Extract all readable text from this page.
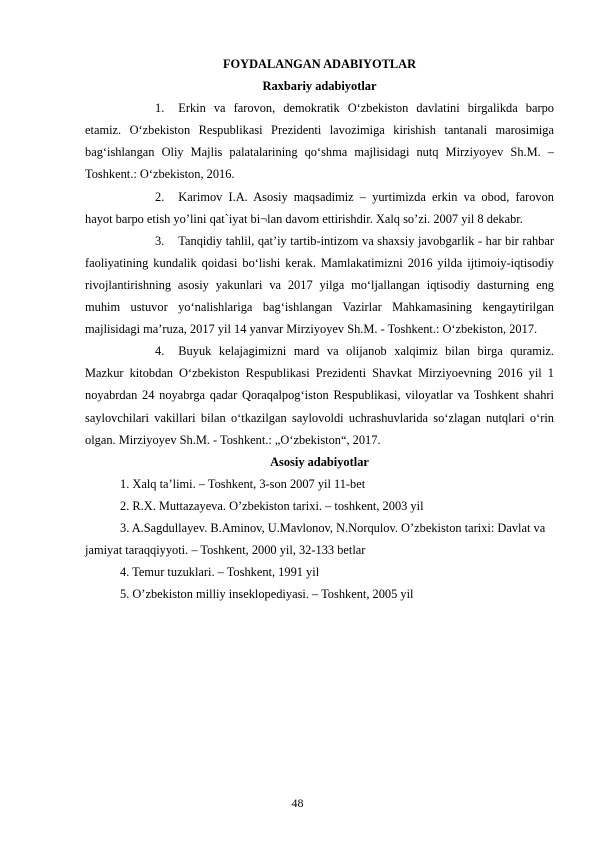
FOYDALANGAN ADABIYOTLAR

Raxbariy adabiyotlar

1. Erkin va farovon, demokratik O‘zbekiston davlatini birgalikda barpo etamiz. O‘zbekiston Respublikasi Prezidenti lavozimiga kirishish tantanali marosimiga bag‘ishlangan Oliy Majlis palatalarining qo‘shma majlisidagi nutq Mirziyoyev Sh.M. – Toshkent.: O‘zbekiston, 2016.

2. Karimov I.A. Asosiy maqsadimiz – yurtimizda erkin va obod, farovon hayot barpo etish yo’lini qat`iyat bi¬lan davom ettirishdir. Xalq so’zi. 2007 yil 8 dekabr.

3. Tanqidiy tahlil, qat’iy tartib-intizom va shaxsiy javobgarlik - har bir rahbar faoliyatining kundalik qoidasi bo‘lishi kerak. Mamlakatimizni 2016 yilda ijtimoiy-iqtisodiy rivojlantirishning asosiy yakunlari va 2017 yilga mo‘ljallangan iqtisodiy dasturning eng muhim ustuvor yo‘nalishlariga bag‘ishlangan Vazirlar Mahkamasining kengaytirilgan majlisidagi ma’ruza, 2017 yil 14 yanvar Mirziyoyev Sh.M. - Toshkent.: O‘zbekiston, 2017.

4. Buyuk kelajagimizni mard va olijanob xalqimiz bilan birga quramiz. Mazkur kitobdan O‘zbekiston Respublikasi Prezidenti Shavkat Mirziyoevning 2016 yil 1 noyabrdan 24 noyabrga qadar Qoraqalpog‘iston Respublikasi, viloyatlar va Toshkent shahri saylovchilari vakillari bilan o‘tkazilgan saylovoldi uchrashuvlarida so‘zlagan nutqlari o‘rin olgan. Mirziyoyev Sh.M. - Toshkent.: „O‘zbekiston“, 2017.

Asosiy adabiyotlar

1. Xalq ta’limi. – Toshkent, 3-son 2007 yil 11-bet

2. R.X. Muttazayeva. O’zbekiston tarixi. – toshkent, 2003 yil

3. A.Sagdullayev. B.Aminov, U.Mavlonov, N.Norqulov. O’zbekiston tarixi: Davlat va jamiyat taraqqiyyoti. – Toshkent, 2000 yil, 32-133 betlar

4. Temur tuzuklari. – Toshkent, 1991 yil

5. O’zbekiston milliy inseklopediyasi. – Toshkent, 2005 yil

48
